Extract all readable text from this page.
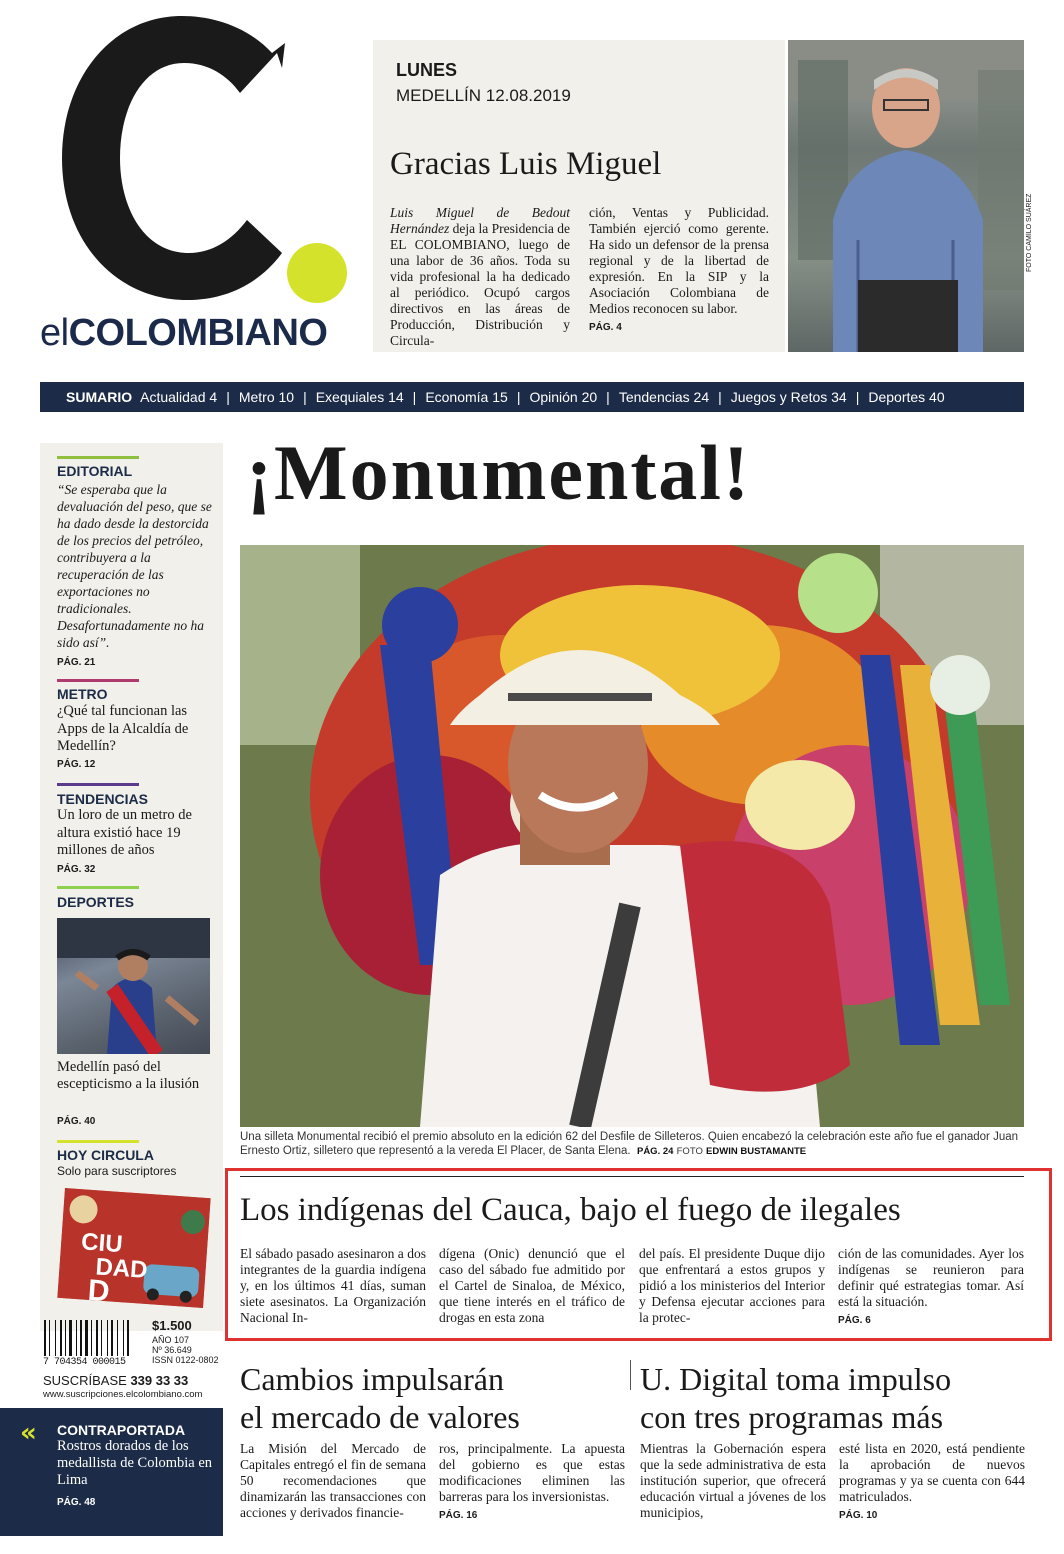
elCOLOMBIANO
LUNES
MEDELLÍN 12.08.2019
Gracias Luis Miguel
Luis Miguel de Bedout Hernández deja la Presidencia de EL COLOMBIANO, luego de una labor de 36 años. Toda su vida profesional la ha dedicado al periódico. Ocupó cargos directivos en las áreas de Producción, Distribución y Circula-
ción, Ventas y Publicidad. También ejerció como gerente. Ha sido un defensor de la prensa regional y de la libertad de expresión. En la SIP y la Asociación Colombiana de Medios reconocen su labor.
PÁG. 4
FOTO CAMILO SUÁREZ
SUMARIO Actualidad 4 | Metro 10 | Exequiales 14 | Economía 15 | Opinión 20 | Tendencias 24 | Juegos y Retos 34 | Deportes 40
EDITORIAL
“Se esperaba que la devaluación del peso, que se ha dado desde la destorcida de los precios del petróleo, contribuyera a la recuperación de las exportaciones no tradicionales. Desafortunadamente no ha sido así”.
PÁG. 21
METRO
¿Qué tal funcionan las Apps de la Alcaldía de Medellín?
PÁG. 12
TENDENCIAS
Un loro de un metro de altura existió hace 19 millones de años
PÁG. 32
DEPORTES
Medellín pasó del escepticismo a la ilusión
PÁG. 40
HOY CIRCULA
Solo para suscriptores
CIU
DAD
D
7 704354 000015
$1.500
AÑO 107
Nº 36.649
ISSN 0122-0802
SUSCRÍBASE 339 33 33
www.suscripciones.elcolombiano.com
« CONTRAPORTADA
Rostros dorados de los medallista de Colombia en Lima
PÁG. 48
¡Monumental!
Una silleta Monumental recibió el premio absoluto en la edición 62 del Desfile de Silleteros. Quien encabezó la celebración este año fue el ganador Juan Ernesto Ortiz, silletero que representó a la vereda El Placer, de Santa Elena. PÁG. 24 FOTO EDWIN BUSTAMANTE
Los indígenas del Cauca, bajo el fuego de ilegales
El sábado pasado asesinaron a dos integrantes de la guardia indígena y, en los últimos 41 días, suman siete asesinatos. La Organización Nacional In-
dígena (Onic) denunció que el caso del sábado fue admitido por el Cartel de Sinaloa, de México, que tiene interés en el tráfico de drogas en esta zona
del país. El presidente Duque dijo que enfrentará a estos grupos y pidió a los ministerios del Interior y Defensa ejecutar acciones para la protec-
ción de las comunidades. Ayer los indígenas se reunieron para definir qué estrategias tomar. Así está la situación.
PÁG. 6
Cambios impulsarán
el mercado de valores
La Misión del Mercado de Capitales entregó el fin de semana 50 recomendaciones que dinamizarán las transacciones con acciones y derivados financie-
ros, principalmente. La apuesta del gobierno es que estas modificaciones eliminen las barreras para los inversionistas.
PÁG. 16
U. Digital toma impulso
con tres programas más
Mientras la Gobernación espera que la sede administrativa de esta institución superior, que ofrecerá educación virtual a jóvenes de los municipios,
esté lista en 2020, está pendiente la aprobación de nuevos programas y ya se cuenta con 644 matriculados.
PÁG. 10
